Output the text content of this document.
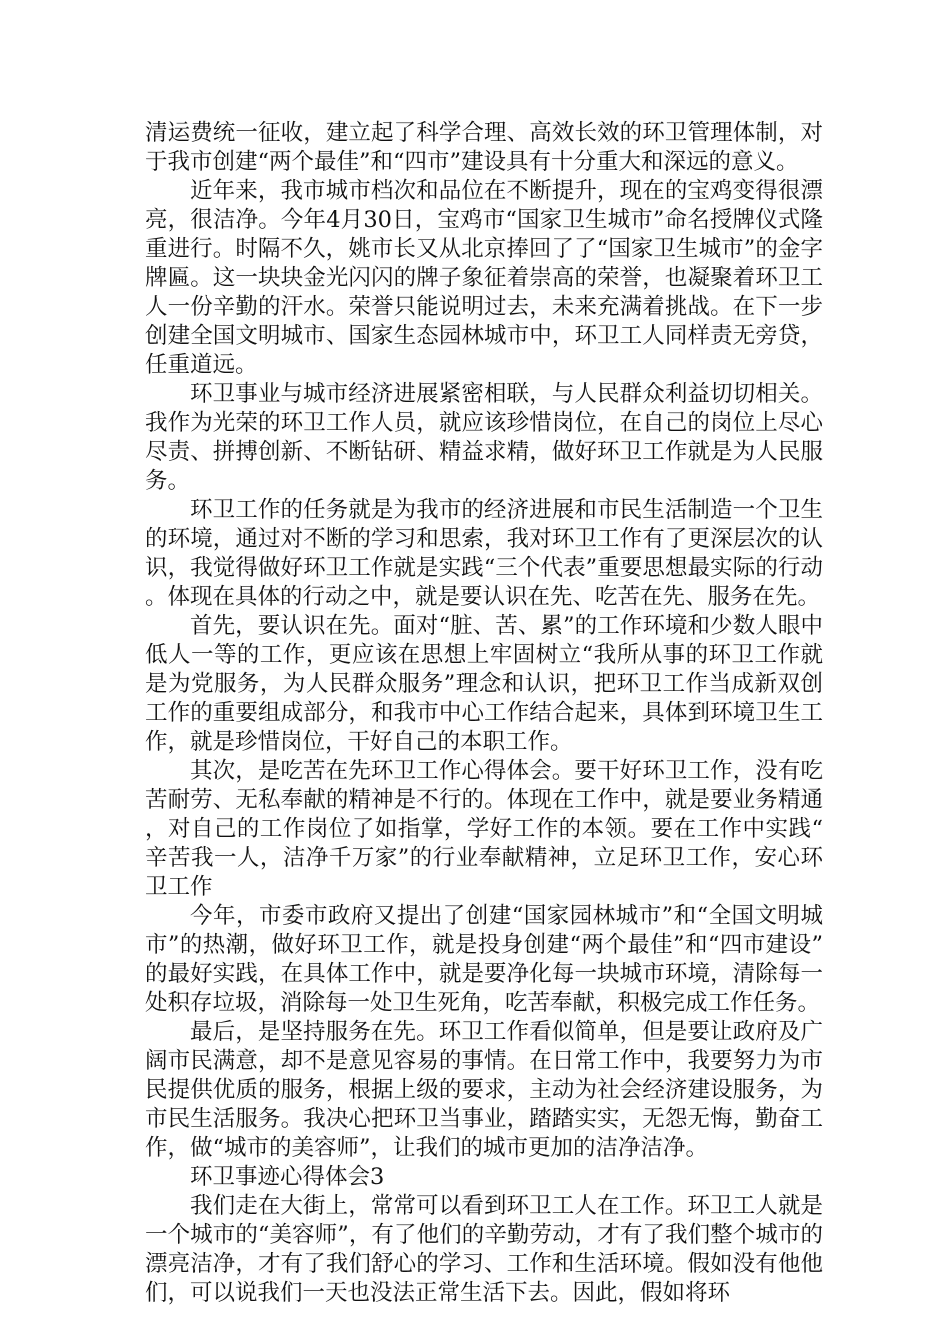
清运费统一征收，建立起了科学合理、高效长效的环卫管理体制，对于我市创建“两个最佳”和“四市”建设具有十分重大和深远的意义。

近年来，我市城市档次和品位在不断提升，现在的宝鸡变得很漂亮，很洁净。今年4月30日，宝鸡市“国家卫生城市”命名授牌仪式隆重进行。时隔不久，姚市长又从北京捧回了了“国家卫生城市”的金字牌匾。这一块块金光闪闪的牌子象征着崇高的荣誉，也凝聚着环卫工人一份辛勤的汗水。荣誉只能说明过去，未来充满着挑战。在下一步创建全国文明城市、国家生态园林城市中，环卫工人同样责无旁贷，任重道远。

环卫事业与城市经济进展紧密相联，与人民群众利益切切相关。我作为光荣的环卫工作人员，就应该珍惜岗位，在自己的岗位上尽心尽责、拼搏创新、不断钻研、精益求精，做好环卫工作就是为人民服务。

环卫工作的任务就是为我市的经济进展和市民生活制造一个卫生的环境，通过对不断的学习和思索，我对环卫工作有了更深层次的认识，我觉得做好环卫工作就是实践“三个代表”重要思想最实际的行动。体现在具体的行动之中，就是要认识在先、吃苦在先、服务在先。

首先，要认识在先。面对“脏、苦、累”的工作环境和少数人眼中低人一等的工作，更应该在思想上牢固树立“我所从事的环卫工作就是为党服务，为人民群众服务”理念和认识，把环卫工作当成新双创工作的重要组成部分，和我市中心工作结合起来，具体到环境卫生工作，就是珍惜岗位，干好自己的本职工作。

其次，是吃苦在先环卫工作心得体会。要干好环卫工作，没有吃苦耐劳、无私奉献的精神是不行的。体现在工作中，就是要业务精通，对自己的工作岗位了如指掌，学好工作的本领。要在工作中实践“辛苦我一人，洁净千万家”的行业奉献精神，立足环卫工作，安心环卫工作

今年，市委市政府又提出了创建“国家园林城市”和“全国文明城市”的热潮，做好环卫工作，就是投身创建“两个最佳”和“四市建设”的最好实践，在具体工作中，就是要净化每一块城市环境，清除每一处积存垃圾，消除每一处卫生死角，吃苦奉献，积极完成工作任务。

最后，是坚持服务在先。环卫工作看似简单，但是要让政府及广阔市民满意，却不是意见容易的事情。在日常工作中，我要努力为市民提供优质的服务，根据上级的要求，主动为社会经济建设服务，为市民生活服务。我决心把环卫当事业，踏踏实实，无怨无悔，勤奋工作，做“城市的美容师”，让我们的城市更加的洁净洁净。

环卫事迹心得体会3

我们走在大街上，常常可以看到环卫工人在工作。环卫工人就是一个城市的“美容师”，有了他们的辛勤劳动，才有了我们整个城市的漂亮洁净，才有了我们舒心的学习、工作和生活环境。假如没有他他们，可以说我们一天也没法正常生活下去。因此，假如将环
